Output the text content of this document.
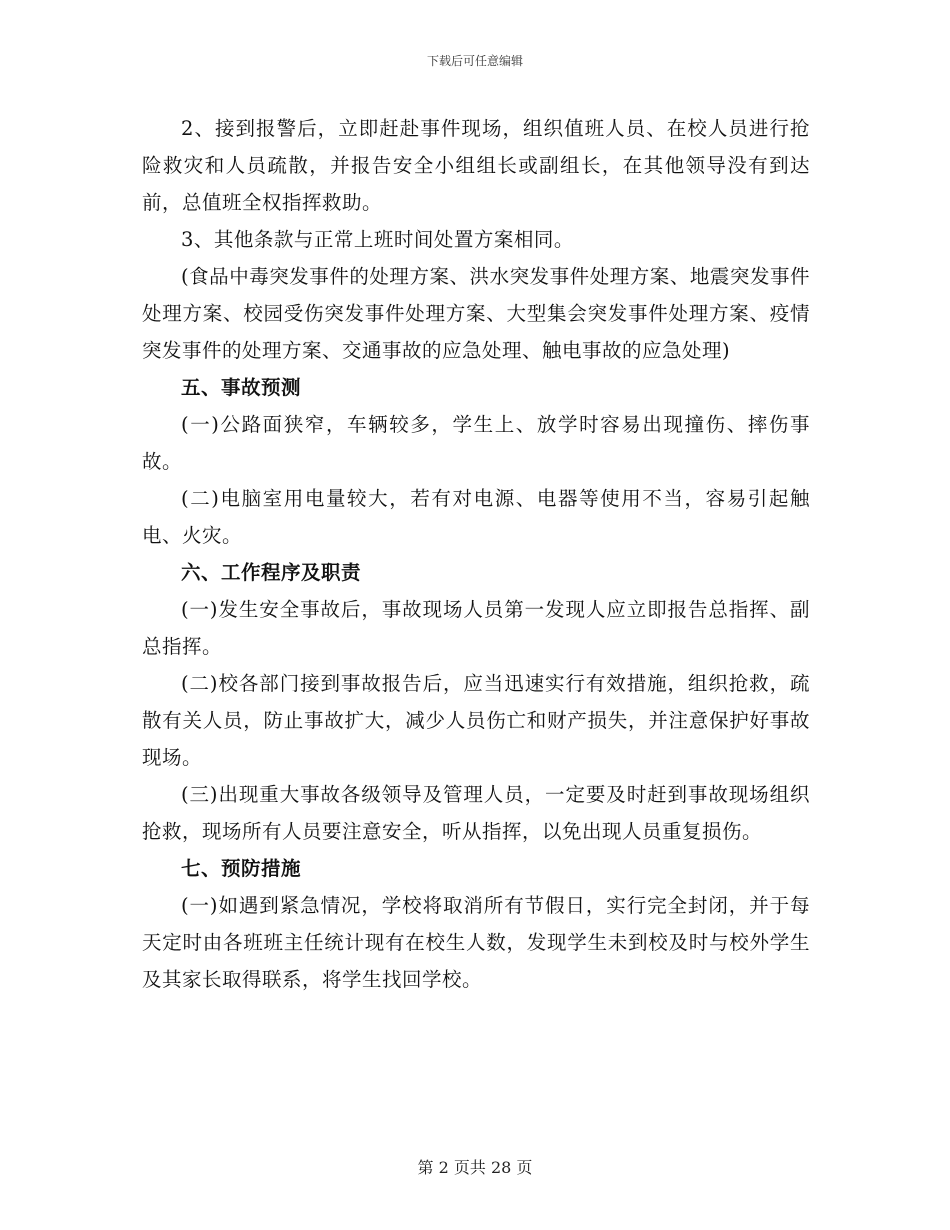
下载后可任意编辑

2、接到报警后，立即赶赴事件现场，组织值班人员、在校人员进行抢险救灾和人员疏散，并报告安全小组组长或副组长，在其他领导没有到达前，总值班全权指挥救助。

3、其他条款与正常上班时间处置方案相同。

(食品中毒突发事件的处理方案、洪水突发事件处理方案、地震突发事件处理方案、校园受伤突发事件处理方案、大型集会突发事件处理方案、疫情突发事件的处理方案、交通事故的应急处理、触电事故的应急处理)

五、事故预测

(一)公路面狭窄，车辆较多，学生上、放学时容易出现撞伤、摔伤事故。

(二)电脑室用电量较大，若有对电源、电器等使用不当，容易引起触电、火灾。

六、工作程序及职责

(一)发生安全事故后，事故现场人员第一发现人应立即报告总指挥、副总指挥。

(二)校各部门接到事故报告后，应当迅速实行有效措施，组织抢救，疏散有关人员，防止事故扩大，减少人员伤亡和财产损失，并注意保护好事故现场。

(三)出现重大事故各级领导及管理人员，一定要及时赶到事故现场组织抢救，现场所有人员要注意安全，听从指挥，以免出现人员重复损伤。

七、预防措施

(一)如遇到紧急情况，学校将取消所有节假日，实行完全封闭，并于每天定时由各班班主任统计现有在校生人数，发现学生未到校及时与校外学生及其家长取得联系，将学生找回学校。

第 2 页共 28 页
